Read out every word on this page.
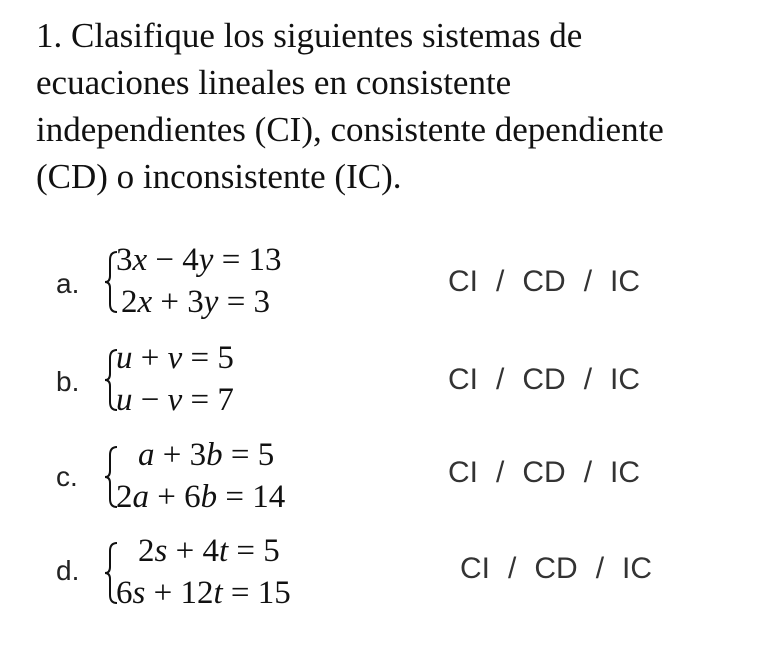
1. Clasifique los siguientes sistemas de
ecuaciones lineales en consistente
independientes (CI), consistente dependiente
(CD) o inconsistente (IC).
a.
3x − 4y = 13
2x + 3y = 3
CI / CD / IC
b.
u + v = 5
u − v = 7
CI / CD / IC
c.
a + 3b = 5
2a + 6b = 14
CI / CD / IC
d.
2s + 4t = 5
6s + 12t = 15
CI / CD / IC
